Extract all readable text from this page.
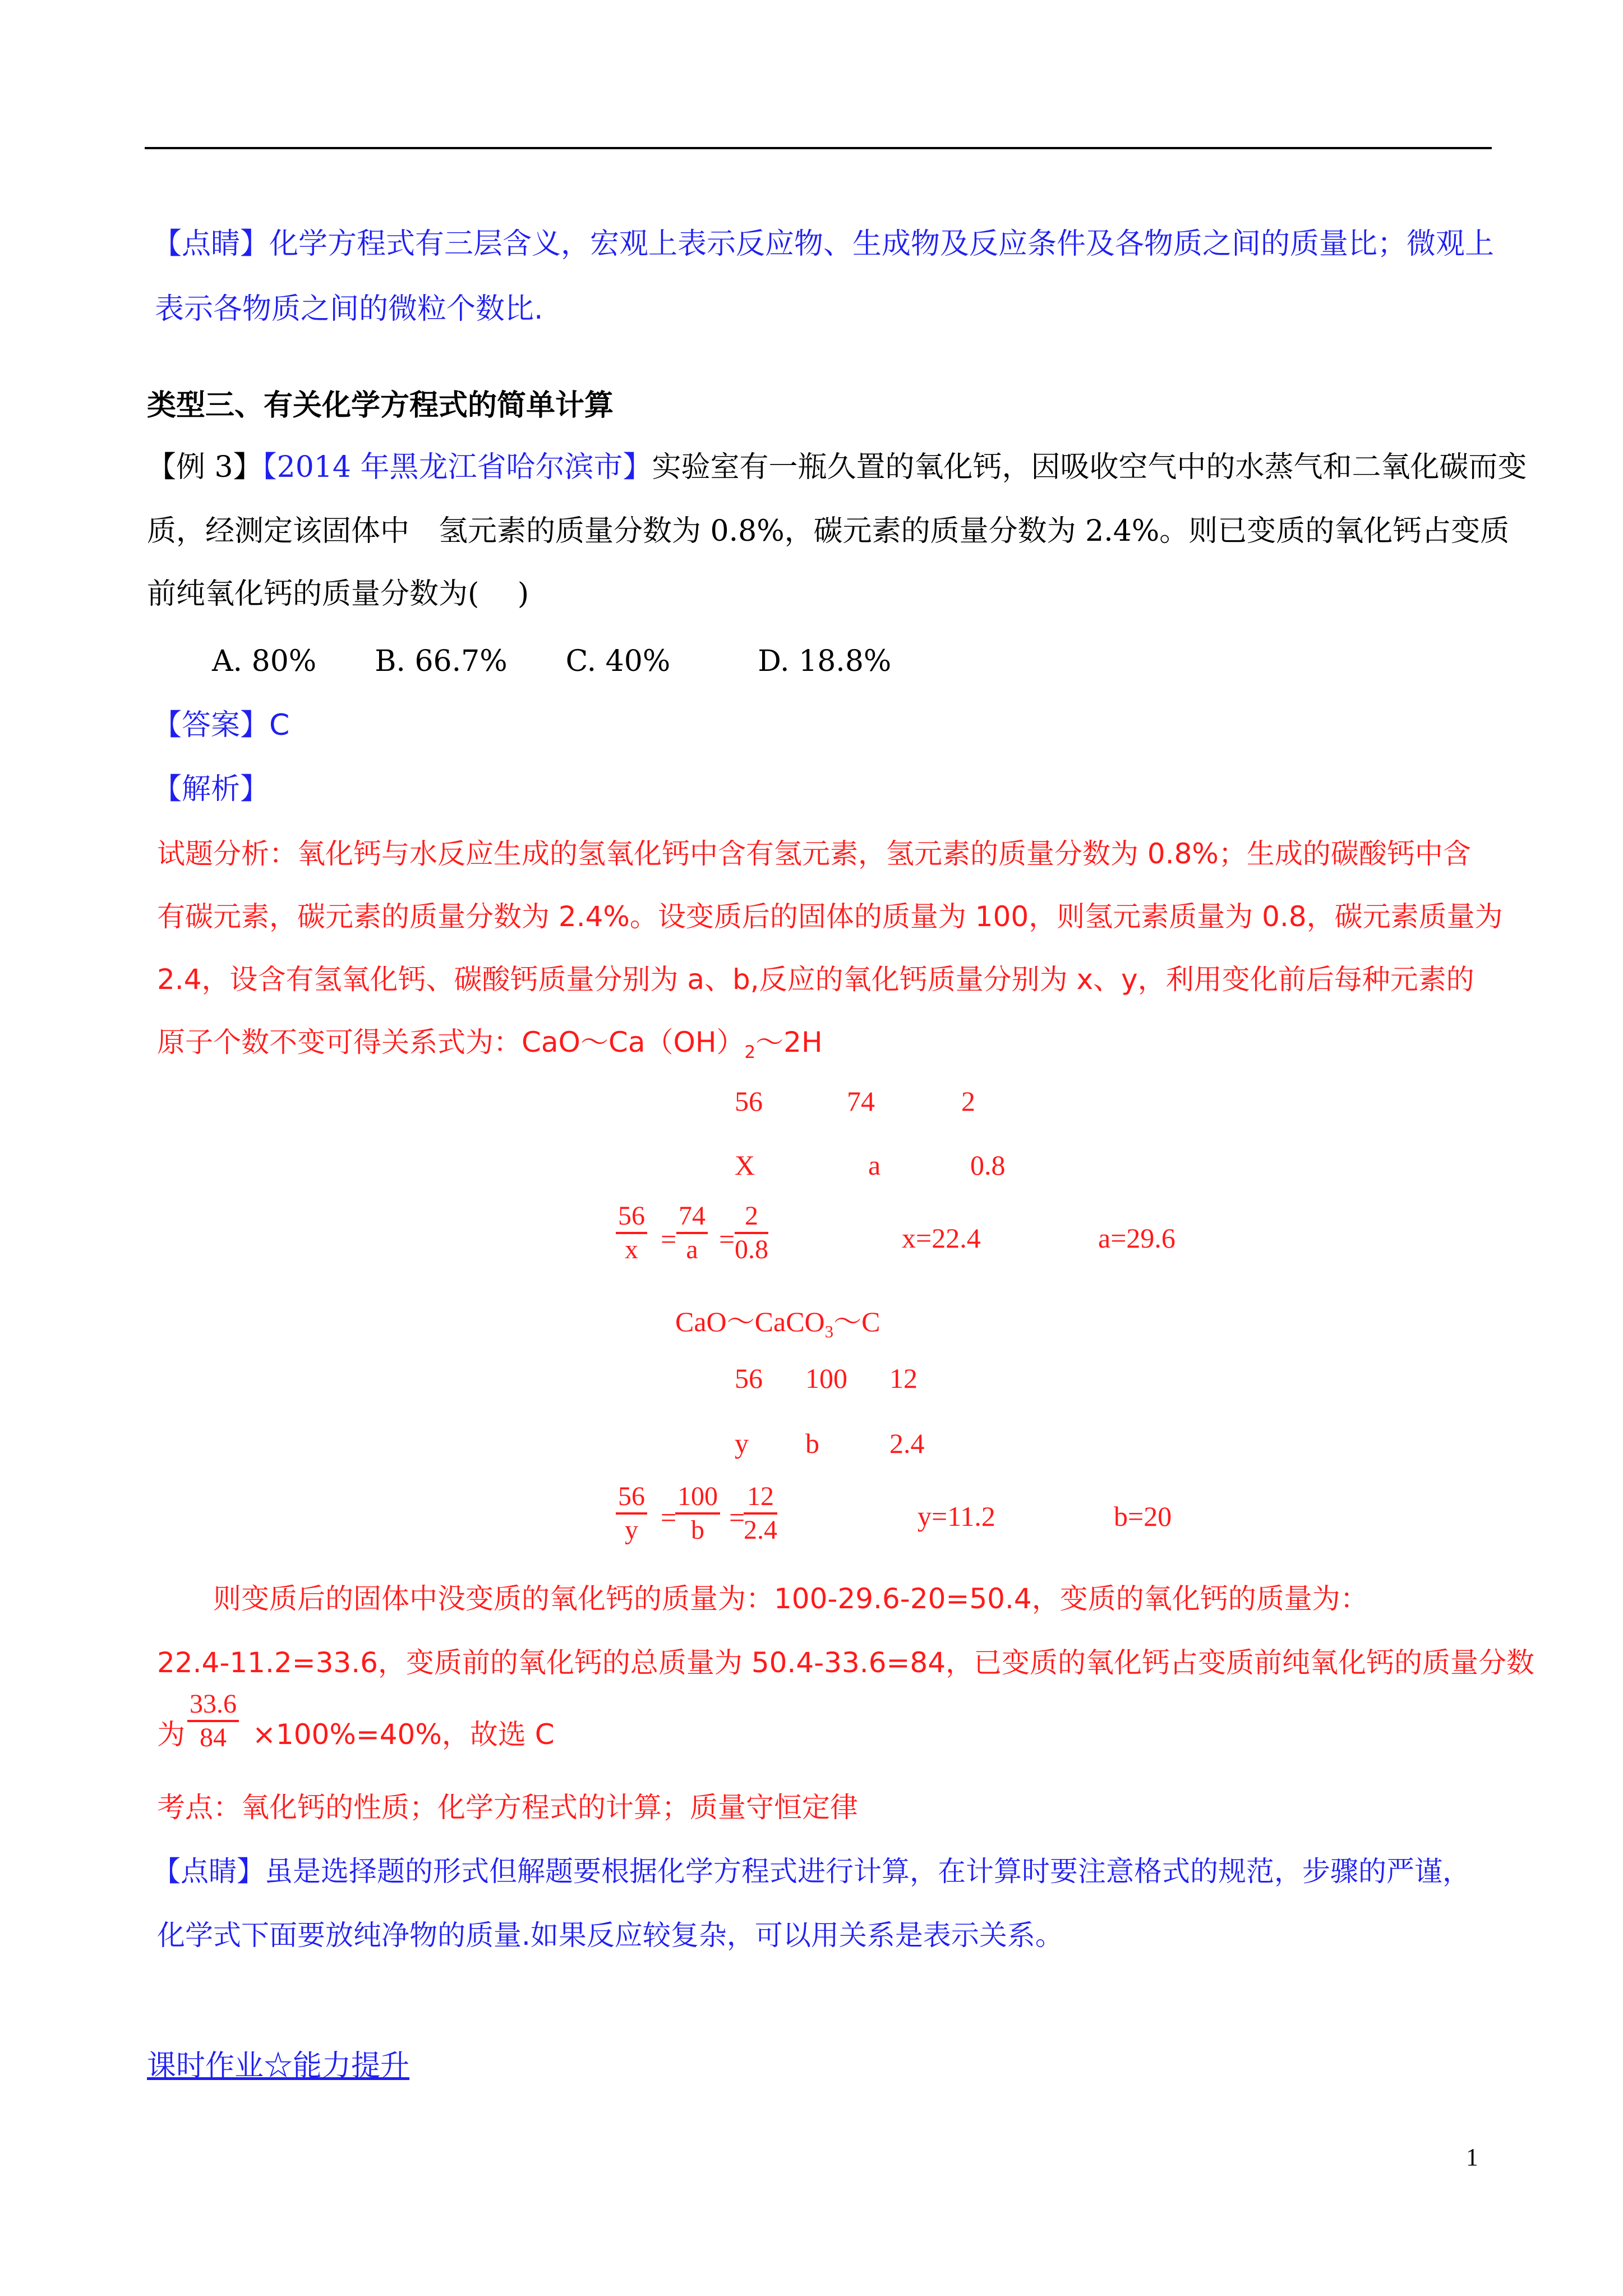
【点睛】化学方程式有三层含义，宏观上表示反应物、生成物及反应条件及各物质之间的质量比；微观上
表示各物质之间的微粒个数比.
类型三、有关化学方程式的简单计算
【例 3】【2014 年黑龙江省哈尔滨市】实验室有一瓶久置的氧化钙，因吸收空气中的水蒸气和二氧化碳而变
质，经测定该固体中　氢元素的质量分数为 0.8%，碳元素的质量分数为 2.4%。则已变质的氧化钙占变质
前纯氧化钙的质量分数为(　 )
A. 80%　　B. 66.7%　　C. 40%　　　D. 18.8%
【答案】C
【解析】
试题分析：氧化钙与水反应生成的氢氧化钙中含有氢元素，氢元素的质量分数为 0.8%；生成的碳酸钙中含
有碳元素，碳元素的质量分数为 2.4%。设变质后的固体的质量为 100，则氢元素质量为 0.8，碳元素质量为
2.4，设含有氢氧化钙、碳酸钙质量分别为 a、b,反应的氧化钙质量分别为 x、y，利用变化前后每种元素的
原子个数不变可得关系式为：$CaO\sim Ca(OH)_2\sim 2H$
56	74	2
X	a	0.8
$\frac{56}{x} = \frac{74}{a} = \frac{2}{0.8}$	x=22.4	a=29.6
CaO～CaCO$_3$～C
56 100 12
y b	2.4
$\frac{56}{y}$ =
$\frac{100}{b}$ =
$\frac{12}{2.4}$	y=11.2	b=20
则变质后的固体中没变质的氧化钙的质量为：100-29.6-20=50.4，变质的氧化钙的质量为：
22.4-11.2=33.6，变质前的氧化钙的总质量为 50.4-33.6=84，已变质的氧化钙占变质前纯氧化钙的质量分数
为 $\frac{33.6}{84} \times 100\%=40\%$，故选 C
考点：氧化钙的性质；化学方程式的计算；质量守恒定律
【点睛】虽是选择题的形式但解题要根据化学方程式进行计算，在计算时要注意格式的规范，步骤的严谨，
化学式下面要放纯净物的质量.如果反应较复杂，可以用关系是表示关系。
课时作业☆能力提升
1
